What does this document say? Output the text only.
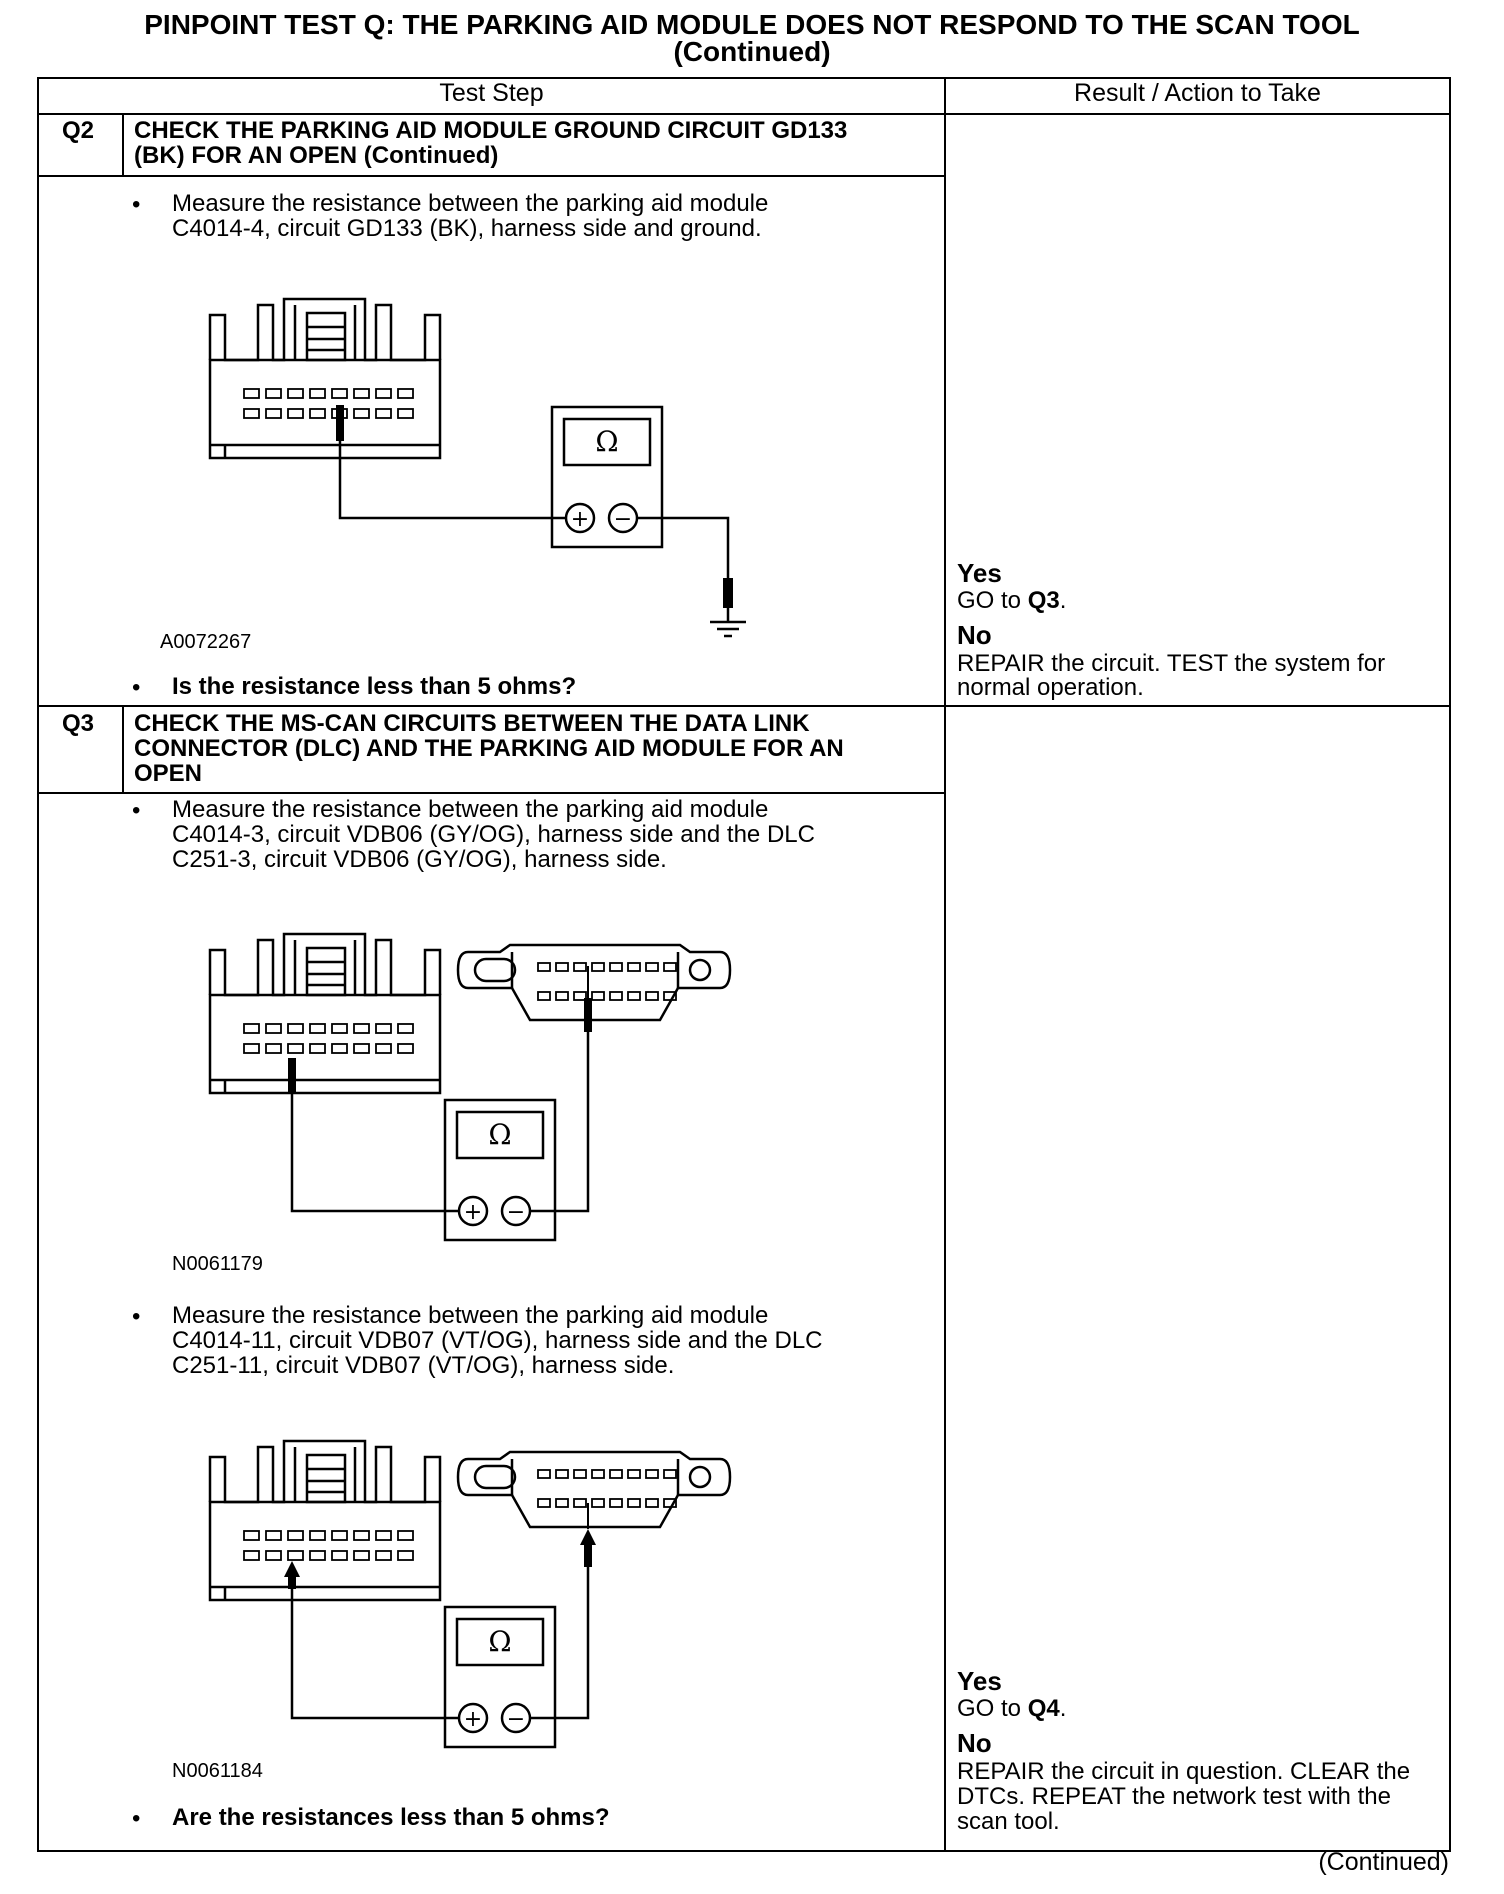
PINPOINT TEST Q: THE PARKING AID MODULE DOES NOT RESPOND TO THE SCAN TOOL
(Continued)
Test Step	Result / Action to Take
Q2 CHECK THE PARKING AID MODULE GROUND CIRCUIT GD133
(BK) FOR AN OPEN (Continued)
• Measure the resistance between the parking aid module
C4014-4, circuit GD133 (BK), harness side and ground.
Ω
+ −
A0072267
• Is the resistance less than 5 ohms?
Yes
GO to Q3.
No
REPAIR the circuit. TEST the system for
normal operation.
Q3 CHECK THE MS-CAN CIRCUITS BETWEEN THE DATA LINK
CONNECTOR (DLC) AND THE PARKING AID MODULE FOR AN
OPEN
• Measure the resistance between the parking aid module
C4014-3, circuit VDB06 (GY/OG), harness side and the DLC
C251-3, circuit VDB06 (GY/OG), harness side.
Ω
+ −
N0061179
• Measure the resistance between the parking aid module
C4014-11, circuit VDB07 (VT/OG), harness side and the DLC
C251-11, circuit VDB07 (VT/OG), harness side.
Ω
+ −
N0061184
• Are the resistances less than 5 ohms?
Yes
GO to Q4.
No
REPAIR the circuit in question. CLEAR the
DTCs. REPEAT the network test with the
scan tool.
(Continued)
